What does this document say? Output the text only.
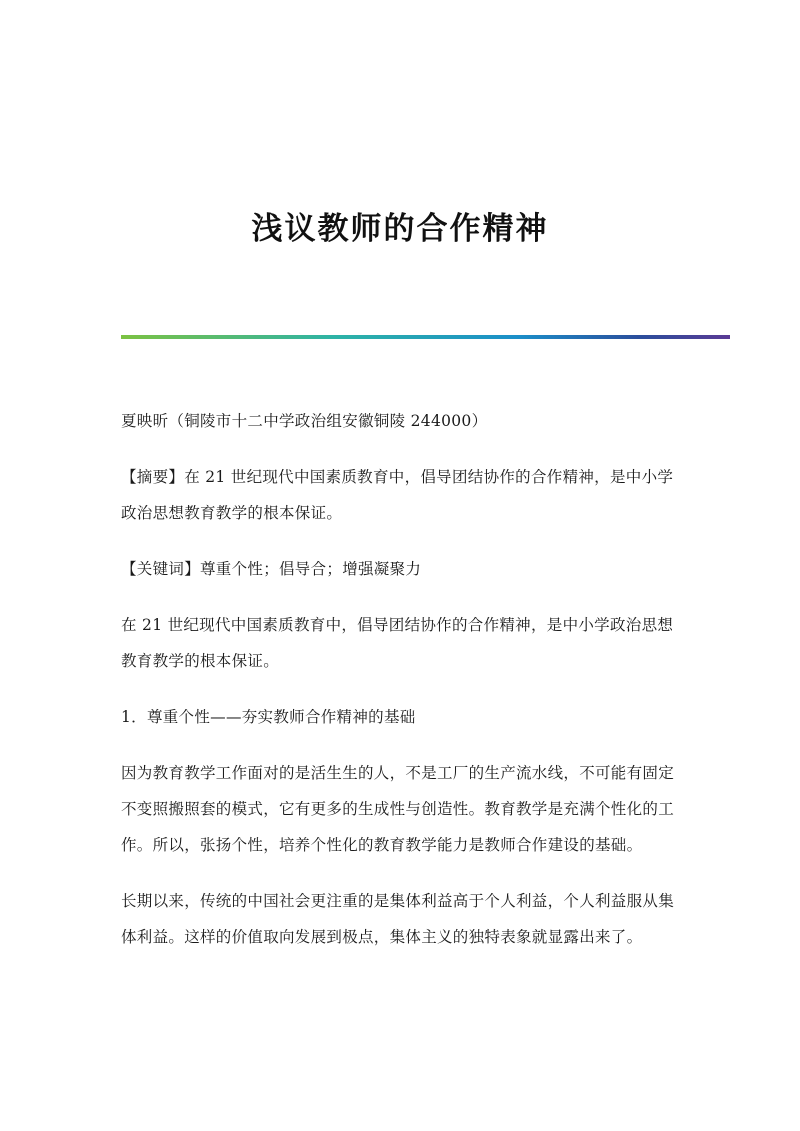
浅议教师的合作精神

夏映昕（铜陵市十二中学政治组安徽铜陵 244000）

【摘要】在 21 世纪现代中国素质教育中，倡导团结协作的合作精神，是中小学政治思想教育教学的根本保证。

【关键词】尊重个性；倡导合；增强凝聚力

在 21 世纪现代中国素质教育中，倡导团结协作的合作精神，是中小学政治思想教育教学的根本保证。

1．尊重个性——夯实教师合作精神的基础

因为教育教学工作面对的是活生生的人，不是工厂的生产流水线，不可能有固定不变照搬照套的模式，它有更多的生成性与创造性。教育教学是充满个性化的工作。所以，张扬个性，培养个性化的教育教学能力是教师合作建设的基础。

长期以来，传统的中国社会更注重的是集体利益高于个人利益，个人利益服从集体利益。这样的价值取向发展到极点，集体主义的独特表象就显露出来了。
